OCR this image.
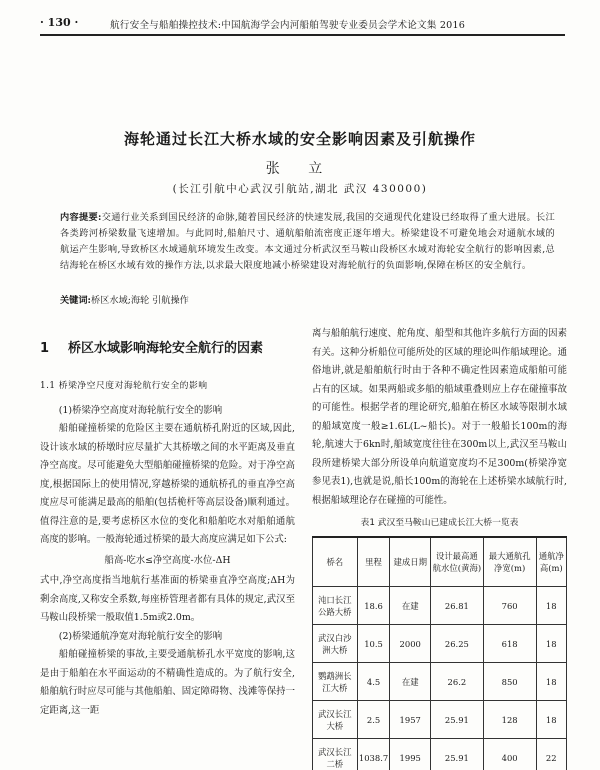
· 130 ·	航行安全与船舶操控技术:中国航海学会内河船舶驾驶专业委员会学术论文集 2016
海轮通过长江大桥水域的安全影响因素及引航操作
张 立
(长江引航中心武汉引航站,湖北 武汉 430000)
内容提要:交通行业关系到国民经济的命脉,随着国民经济的快速发展,我国的交通现代化建设已经取得了重大进展。长江各类跨河桥梁数量飞速增加。与此同时,船舶尺寸、通航船舶流密度正逐年增大。桥梁建设不可避免地会对通航水域的航运产生影响,导致桥区水域通航环境发生改变。本文通过分析武汉至马鞍山段桥区水域对海轮安全航行的影响因素,总结海轮在桥区水域有效的操作方法,以求最大限度地减小桥梁建设对海轮航行的负面影响,保障在桥区的安全航行。
关键词:桥区水域;海轮 引航操作
1 桥区水域影响海轮安全航行的因素
1.1 桥梁净空尺度对海轮航行安全的影响
(1)桥梁净空高度对海轮航行安全的影响
船舶碰撞桥梁的危险区主要在通航桥孔附近的区域,因此,设计该水域的桥墩时应尽量扩大其桥墩之间的水平距离及垂直净空高度。尽可能避免大型船舶碰撞桥梁的危险。对于净空高度,根据国际上的使用情况,穿越桥梁的通航桥孔的垂直净空高度应尽可能满足最高的船舶(包括桅杆等高层设备)顺利通过。值得注意的是,要考虑桥区水位的变化和船舶吃水对船舶通航高度的影响。一般海轮通过桥梁的最大高度应满足如下公式:
船高-吃水≤净空高度-水位-ΔH
式中,净空高度指当地航行基准面的桥梁垂直净空高度;ΔH为剩余高度,又称安全系数,每座桥管理者都有具体的规定,武汉至马鞍山段桥梁一般取值1.5m或2.0m。
(2)桥梁通航净宽对海轮航行安全的影响
船舶碰撞桥梁的事故,主要受通航桥孔水平宽度的影响,这是由于船舶在水平面运动的不精确性造成的。为了航行安全,船舶航行时应尽可能与其他船舶、固定障碍物、浅滩等保持一定距离,这一距
离与船舶航行速度、舵角度、船型和其他许多航行方面的因素有关。这种分析船位可能所处的区域的理论叫作船域理论。通俗地讲,就是船舶航行时由于各种不确定性因素造成船舶可能占有的区域。如果两船或多船的船域重叠则应上存在碰撞事故的可能性。根据学者的理论研究,船舶在桥区水域等限制水域的船域宽度一般≥1.6L(L~船长)。对于一般船长100m的海轮,航速大于6kn时,船域宽度往往在300m以上,武汉至马鞍山段所建桥梁大部分所设单向航道宽度均不足300m(桥梁净宽参见表1),也就是说,船长100m的海轮在上述桥梁水域航行时,根据船域理论存在碰撞的可能性。
表1 武汉至马鞍山已建成长江大桥一览表
桥名	里程	建成日期	设计最高通航水位(黄海)	最大通航孔净宽(m)	通航净高(m)
沌口长江公路大桥	18.6	在建	26.81	760	18
武汉白沙洲大桥	10.5	2000	26.25	618	18
鹦鹉洲长江大桥	4.5	在建	26.2	850	18
武汉长江大桥	2.5	1957	25.91	128	18
武汉长江二桥	1038.7	1995	25.91	400	22
